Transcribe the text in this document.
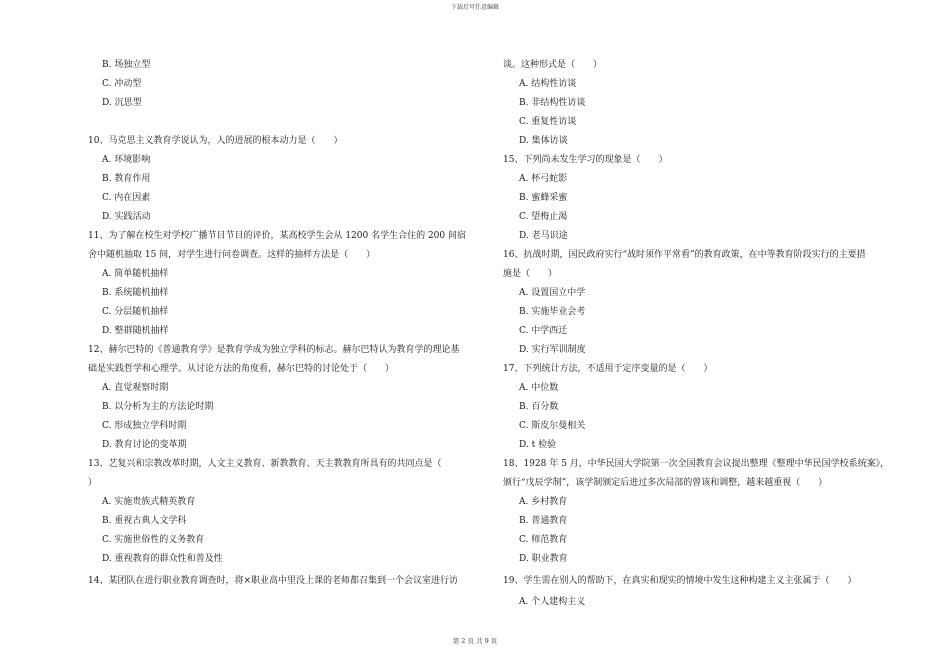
下载后可任意编辑
B. 场独立型
C. 冲动型
D. 沉思型
10、马克思主义教育学说认为，人的进展的根本动力是（　　）
A. 环境影响
B. 教育作用
C. 内在因素
D. 实践活动
11、为了解在校生对学校广播节目节目的评价，某高校学生会从 1200 名学生合住的 200 间宿
舍中随机抽取 15 间，对学生进行问卷调查。这样的抽样方法是（　　）
A. 简单随机抽样
B. 系统随机抽样
C. 分层随机抽样
D. 整群随机抽样
12、赫尔巴特的《普通教育学》是教育学成为独立学科的标志。赫尔巴特认为教育学的理论基
础是实践哲学和心理学。从讨论方法的角度看，赫尔巴特的讨论处于（　　）
A. 直觉观察时期
B. 以分析为主的方法论时期
C. 形成独立学科时期
D. 教育讨论的变革期
13、艺复兴和宗教改革时期，人文主义教育、新教教育、天主教教育所具有的共同点是（
）
A. 实施贵族式精英教育
B. 重视古典人文学科
C. 实施世俗性的义务教育
D. 重视教育的群众性和普及性
14、某团队在进行职业教育调查时，将×职业高中里没上课的老师都召集到一个会议室进行访
谈。这种形式是（　　）
A. 结构性访谈
B. 非结构性访谈
C. 重复性访谈
D. 集体访谈
15、下列尚未发生学习的现象是（　　）
A. 杯弓蛇影
B. 蜜蜂采蜜
C. 望梅止渴
D. 老马识途
16、抗战时期，国民政府实行“战时须作平常看”的教育政策，在中等教育阶段实行的主要措
施是（　　）
A. 设置国立中学
B. 实施毕业会考
C. 中学西迁
D. 实行军训制度
17、下列统计方法，不适用于定序变量的是（　　）
A. 中位数
B. 百分数
C. 斯皮尔曼相关
D. t 检验
18、1928 年 5 月，中华民国大学院第一次全国教育会议提出整理《整理中华民国学校系统案》，
颁行“戊辰学制”，该学制颁定后进过多次局部的曾该和调整，越来越重视（　　）
A. 乡村教育
B. 普通教育
C. 师范教育
D. 职业教育
19、学生需在别人的帮助下，在真实和现实的情境中发生这种构建主义主张属于（　　）
A. 个人建构主义
第 2 页 共 9 页
